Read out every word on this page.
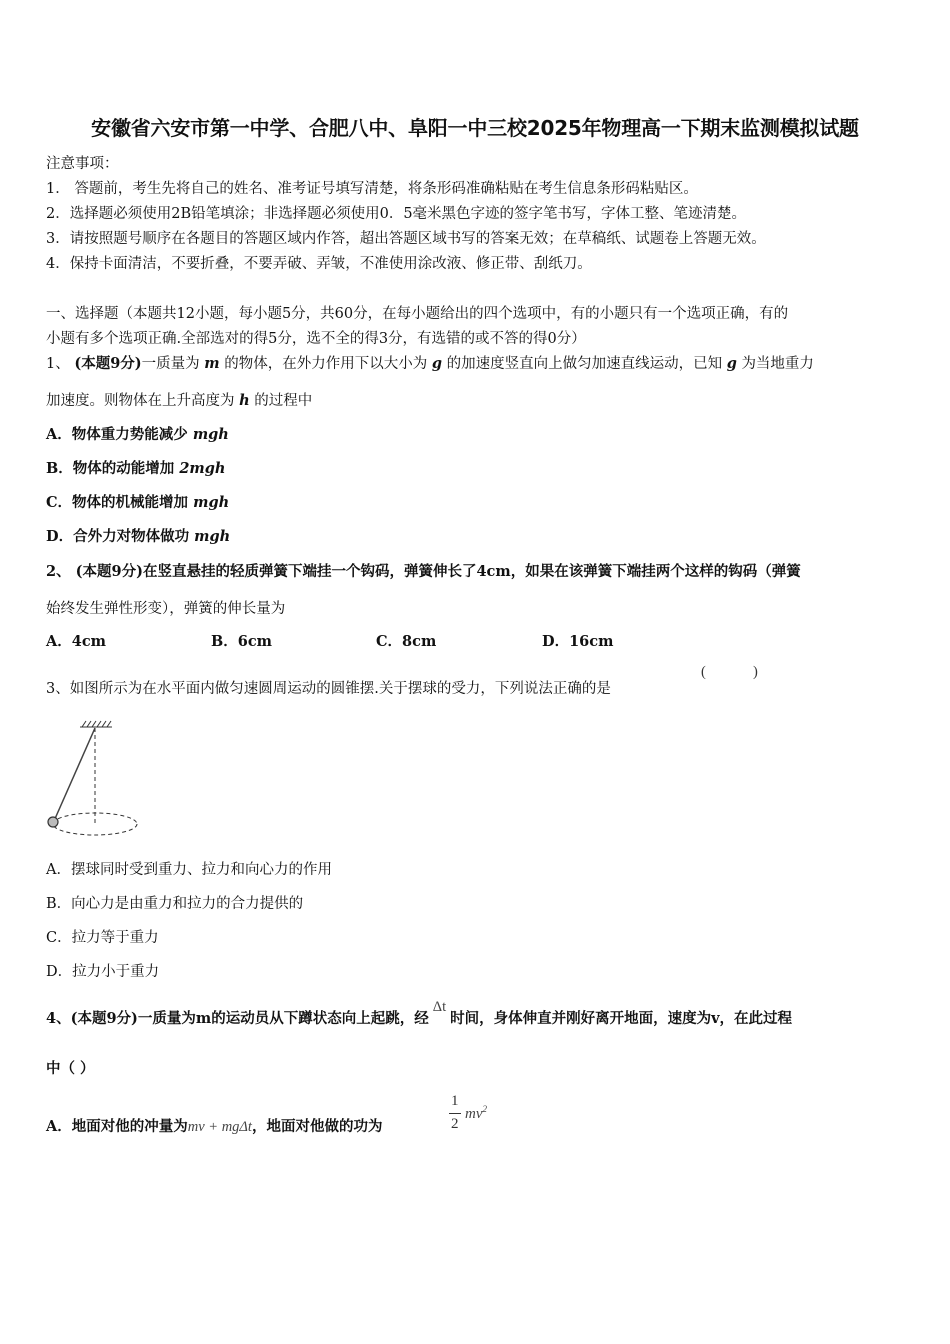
安徽省六安市第一中学、合肥八中、阜阳一中三校2025年物理高一下期末监测模拟试题
注意事项：
1． 答题前，考生先将自己的姓名、准考证号填写清楚，将条形码准确粘贴在考生信息条形码粘贴区。
2．选择题必须使用2B铅笔填涂；非选择题必须使用0．5毫米黑色字迹的签字笔书写，字体工整、笔迹清楚。
3．请按照题号顺序在各题目的答题区域内作答，超出答题区域书写的答案无效；在草稿纸、试题卷上答题无效。
4．保持卡面清洁，不要折叠，不要弄破、弄皱，不准使用涂改液、修正带、刮纸刀。
一、选择题（本题共12小题，每小题5分，共60分，在每小题给出的四个选项中，有的小题只有一个选项正确，有的
小题有多个选项正确.全部选对的得5分，选不全的得3分，有选错的或不答的得0分）
1、 (本题9分)一质量为 m 的物体，在外力作用下以大小为 g 的加速度竖直向上做匀加速直线运动，已知 g 为当地重力
加速度。则物体在上升高度为 h 的过程中
A．物体重力势能减少 mgh
B．物体的动能增加 2mgh
C．物体的机械能增加 mgh
D．合外力对物体做功 mgh
2、 (本题9分)在竖直悬挂的轻质弹簧下端挂一个钩码，弹簧伸长了4cm，如果在该弹簧下端挂两个这样的钩码（弹簧
始终发生弹性形变），弹簧的伸长量为
A．4cm	B．6cm	C．8cm	D．16cm
3、如图所示为在水平面内做匀速圆周运动的圆锥摆.关于摆球的受力，下列说法正确的是
(	)
A．摆球同时受到重力、拉力和向心力的作用
B．向心力是由重力和拉力的合力提供的
C．拉力等于重力
D．拉力小于重力
4、(本题9分)一质量为m的运动员从下蹲状态向上起跳，经Δt时间，身体伸直并刚好离开地面，速度为v，在此过程
中（ ）
A．地面对他的冲量为mv + mgΔt，地面对他做的功为
1
2
$mv^2$
